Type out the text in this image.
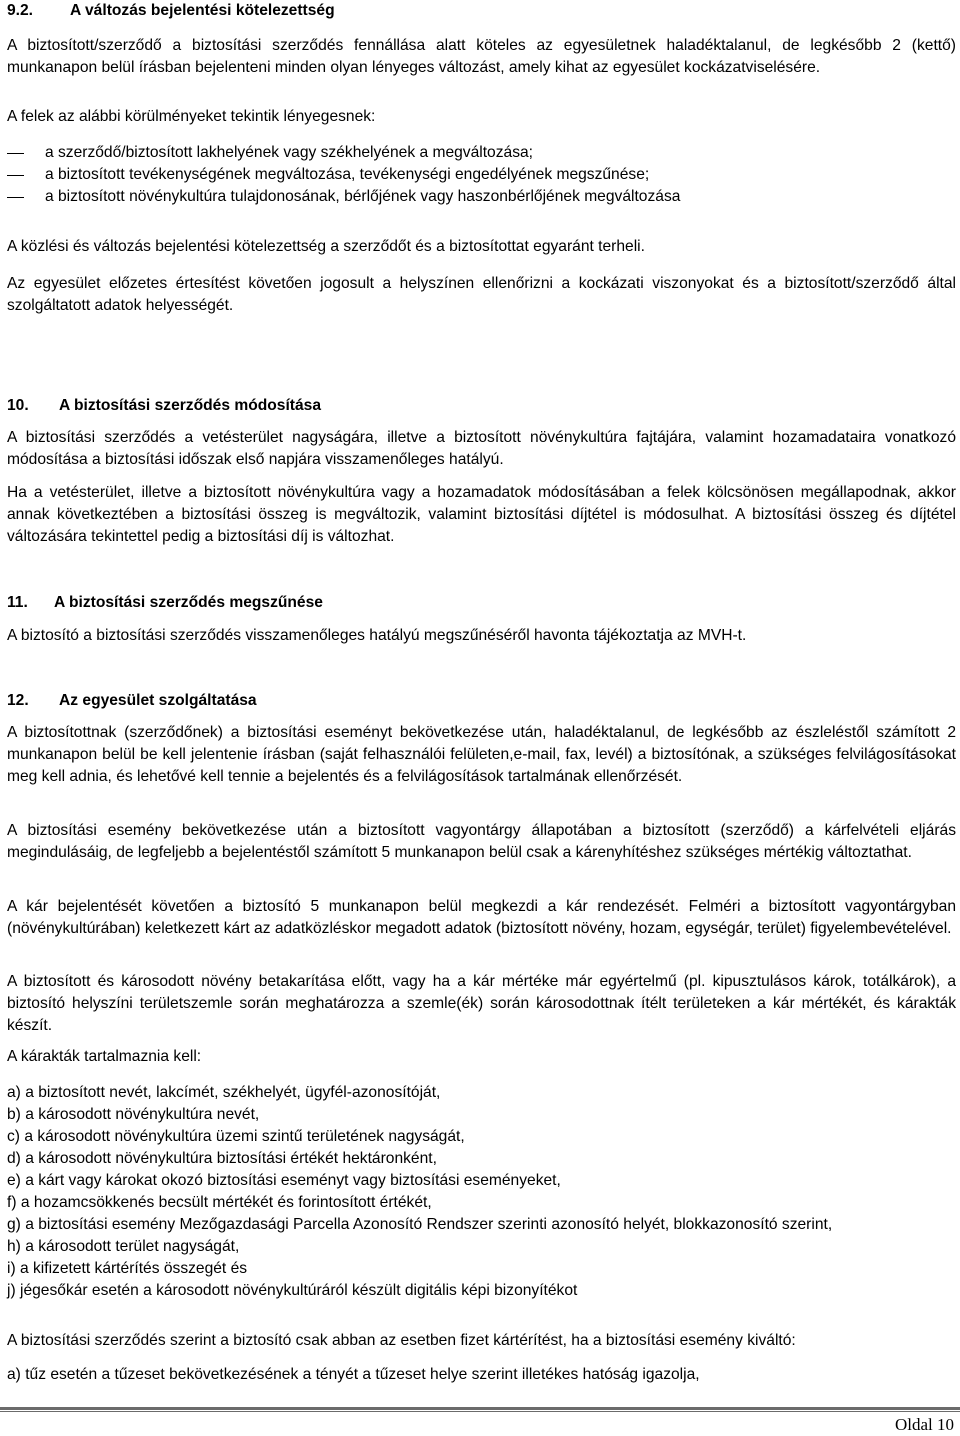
9.2. A változás bejelentési kötelezettség

A biztosított/szerződő a biztosítási szerződés fennállása alatt köteles az egyesületnek haladéktalanul, de legkésőbb 2 (kettő) munkanapon belül írásban bejelenteni minden olyan lényeges változást, amely kihat az egyesület kockázatviselésére.

A felek az alábbi körülményeket tekintik lényegesnek:

a szerződő/biztosított lakhelyének vagy székhelyének a megváltozása;
a biztosított tevékenységének megváltozása, tevékenységi engedélyének megszűnése;
a biztosított növénykultúra tulajdonosának, bérlőjének vagy haszonbérlőjének megváltozása

A közlési és változás bejelentési kötelezettség a szerződőt és a biztosítottat egyaránt terheli.

Az egyesület előzetes értesítést követően jogosult a helyszínen ellenőrizni a kockázati viszonyokat és a biztosított/szerződő által szolgáltatott adatok helyességét.

10. A biztosítási szerződés módosítása

A biztosítási szerződés a vetésterület nagyságára, illetve a biztosított növénykultúra fajtájára, valamint hozamadataira vonatkozó módosítása a biztosítási időszak első napjára visszamenőleges hatályú.

Ha a vetésterület, illetve a biztosított növénykultúra vagy a hozamadatok módosításában a felek kölcsönösen megállapodnak, akkor annak következtében a biztosítási összeg is megváltozik, valamint biztosítási díjtétel is módosulhat. A biztosítási összeg és díjtétel változására tekintettel pedig a biztosítási díj is változhat.

11. A biztosítási szerződés megszűnése

A biztosító a biztosítási szerződés visszamenőleges hatályú megszűnéséről havonta tájékoztatja az MVH-t.

12. Az egyesület szolgáltatása

A biztosítottnak (szerződőnek) a biztosítási eseményt bekövetkezése után, haladéktalanul, de legkésőbb az észleléstől számított 2 munkanapon belül be kell jelentenie írásban (saját felhasználói felületen,e-mail, fax, levél) a biztosítónak, a szükséges felvilágosításokat meg kell adnia, és lehetővé kell tennie a bejelentés és a felvilágosítások tartalmának ellenőrzését.

A biztosítási esemény bekövetkezése után a biztosított vagyontárgy állapotában a biztosított (szerződő) a kárfelvételi eljárás megindulásáig, de legfeljebb a bejelentéstől számított 5 munkanapon belül csak a kárenyhítéshez szükséges mértékig változtathat.

A kár bejelentését követően a biztosító 5 munkanapon belül megkezdi a kár rendezését. Felméri a biztosított vagyontárgyban (növénykultúrában) keletkezett kárt az adatközléskor megadott adatok (biztosított növény, hozam, egységár, terület) figyelembevételével.

A biztosított és károsodott növény betakarítása előtt, vagy ha a kár mértéke már egyértelmű (pl. kipusztulásos károk, totálkárok), a biztosító helyszíni területszemle során meghatározza a szemle(ék) során károsodottnak ítélt területeken a kár mértékét, és kárakták készít.

A kárakták tartalmaznia kell:

a) a biztosított nevét, lakcímét, székhelyét, ügyfél-azonosítóját,

b) a károsodott növénykultúra nevét,

c) a károsodott növénykultúra üzemi szintű területének nagyságát,

d) a károsodott növénykultúra biztosítási értékét hektáronként,

e) a kárt vagy károkat okozó biztosítási eseményt vagy biztosítási eseményeket,

f) a hozamcsökkenés becsült mértékét és forintosított értékét,

g) a biztosítási esemény Mezőgazdasági Parcella Azonosító Rendszer szerinti azonosító helyét, blokkazonosító szerint,

h) a károsodott terület nagyságát,

i) a kifizetett kártérítés összegét és

j) jégesőkár esetén a károsodott növénykultúráról készült digitális képi bizonyítékot

A biztosítási szerződés szerint a biztosító csak abban az esetben fizet kártérítést, ha a biztosítási esemény kiváltó:

a) tűz esetén a tűzeset bekövetkezésének a tényét a tűzeset helye szerint illetékes hatóság igazolja,

Oldal 10
